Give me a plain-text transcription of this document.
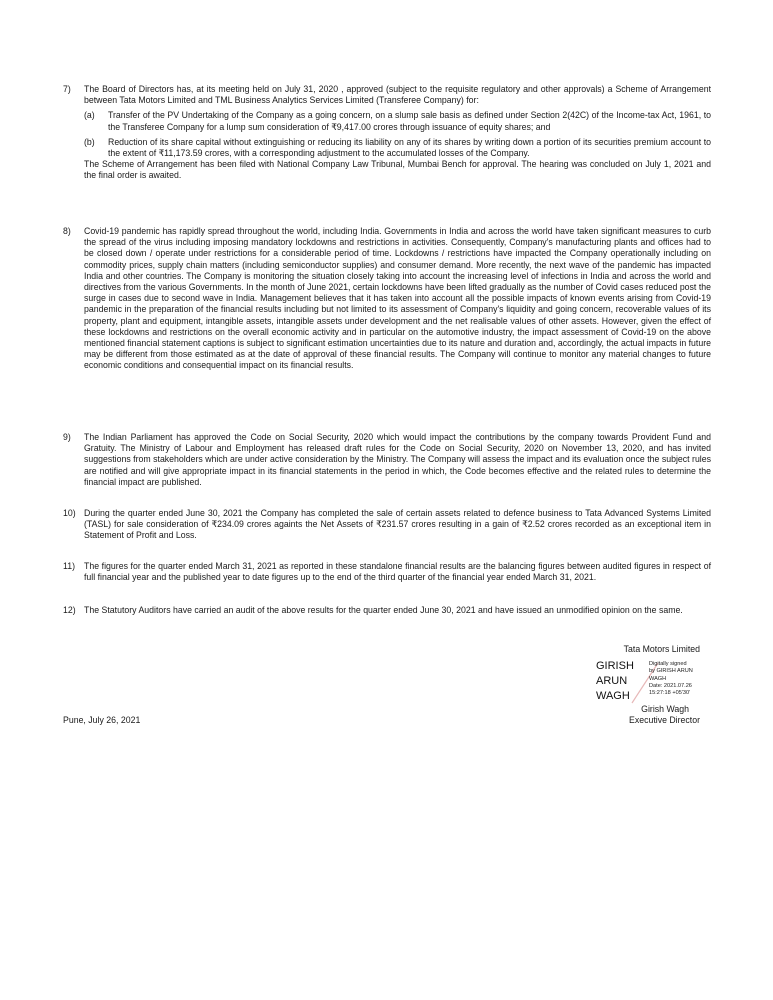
7) The Board of Directors has, at its meeting held on July 31, 2020 , approved (subject to the requisite regulatory and other approvals) a Scheme of Arrangement between Tata Motors Limited and TML Business Analytics Services Limited (Transferee Company) for:

(a) Transfer of the PV Undertaking of the Company as a going concern, on a slump sale basis as defined under Section 2(42C) of the Income-tax Act, 1961, to the Transferee Company for a lump sum consideration of ₹9,417.00 crores through issuance of equity shares; and

(b) Reduction of its share capital without extinguishing or reducing its liability on any of its shares by writing down a portion of its securities premium account to the extent of ₹11,173.59 crores, with a corresponding adjustment to the accumulated losses of the Company.

The Scheme of Arrangement has been filed with National Company Law Tribunal, Mumbai Bench for approval. The hearing was concluded on July 1, 2021 and the final order is awaited.

8) Covid-19 pandemic has rapidly spread throughout the world, including India. Governments in India and across the world have taken significant measures to curb the spread of the virus including imposing mandatory lockdowns and restrictions in activities. Consequently, Company's manufacturing plants and offices had to be closed down / operate under restrictions for a considerable period of time. Lockdowns / restrictions have impacted the Company operationally including on commodity prices, supply chain matters (including semiconductor supplies) and consumer demand. More recently, the next wave of the pandemic has impacted India and other countries. The Company is monitoring the situation closely taking into account the increasing level of infections in India and across the world and directives from the various Governments. In the month of June 2021, certain lockdowns have been lifted gradually as the number of Covid cases reduced post the surge in cases due to second wave in India. Management believes that it has taken into account all the possible impacts of known events arising from Covid-19 pandemic in the preparation of the financial results including but not limited to its assessment of Company's liquidity and going concern, recoverable values of its property, plant and equipment, intangible assets, intangible assets under development and the net realisable values of other assets. However, given the effect of these lockdowns and restrictions on the overall economic activity and in particular on the automotive industry, the impact assessment of Covid-19 on the above mentioned financial statement captions is subject to significant estimation uncertainties due to its nature and duration and, accordingly, the actual impacts in future may be different from those estimated as at the date of approval of these financial results. The Company will continue to monitor any material changes to future economic conditions and consequential impact on its financial results.

9) The Indian Parliament has approved the Code on Social Security, 2020 which would impact the contributions by the company towards Provident Fund and Gratuity. The Ministry of Labour and Employment has released draft rules for the Code on Social Security, 2020 on November 13, 2020, and has invited suggestions from stakeholders which are under active consideration by the Ministry. The Company will assess the impact and its evaluation once the subject rules are notified and will give appropriate impact in its financial statements in the period in which, the Code becomes effective and the related rules to determine the financial impact are published.

10) During the quarter ended June 30, 2021 the Company has completed the sale of certain assets related to defence business to Tata Advanced Systems Limited (TASL) for sale consideration of ₹234.09 crores againts the Net Assets of ₹231.57 crores resulting in a gain of ₹2.52 crores recorded as an exceptional item in Statement of Profit and Loss.

11) The figures for the quarter ended March 31, 2021 as reported in these standalone financial results are the balancing figures between audited figures in respect of full financial year and the published year to date figures up to the end of the third quarter of the financial year ended March 31, 2021.

12) The Statutory Auditors have carried an audit of the above results for the quarter ended June 30, 2021 and have issued an unmodified opinion on the same.

Tata Motors Limited
GIRISH
ARUN
WAGH
Digitally signed
by GIRISH ARUN
WAGH
Date: 2021.07.26
15:27:18 +05'30'
Girish Wagh
Executive Director
Pune, July 26, 2021
